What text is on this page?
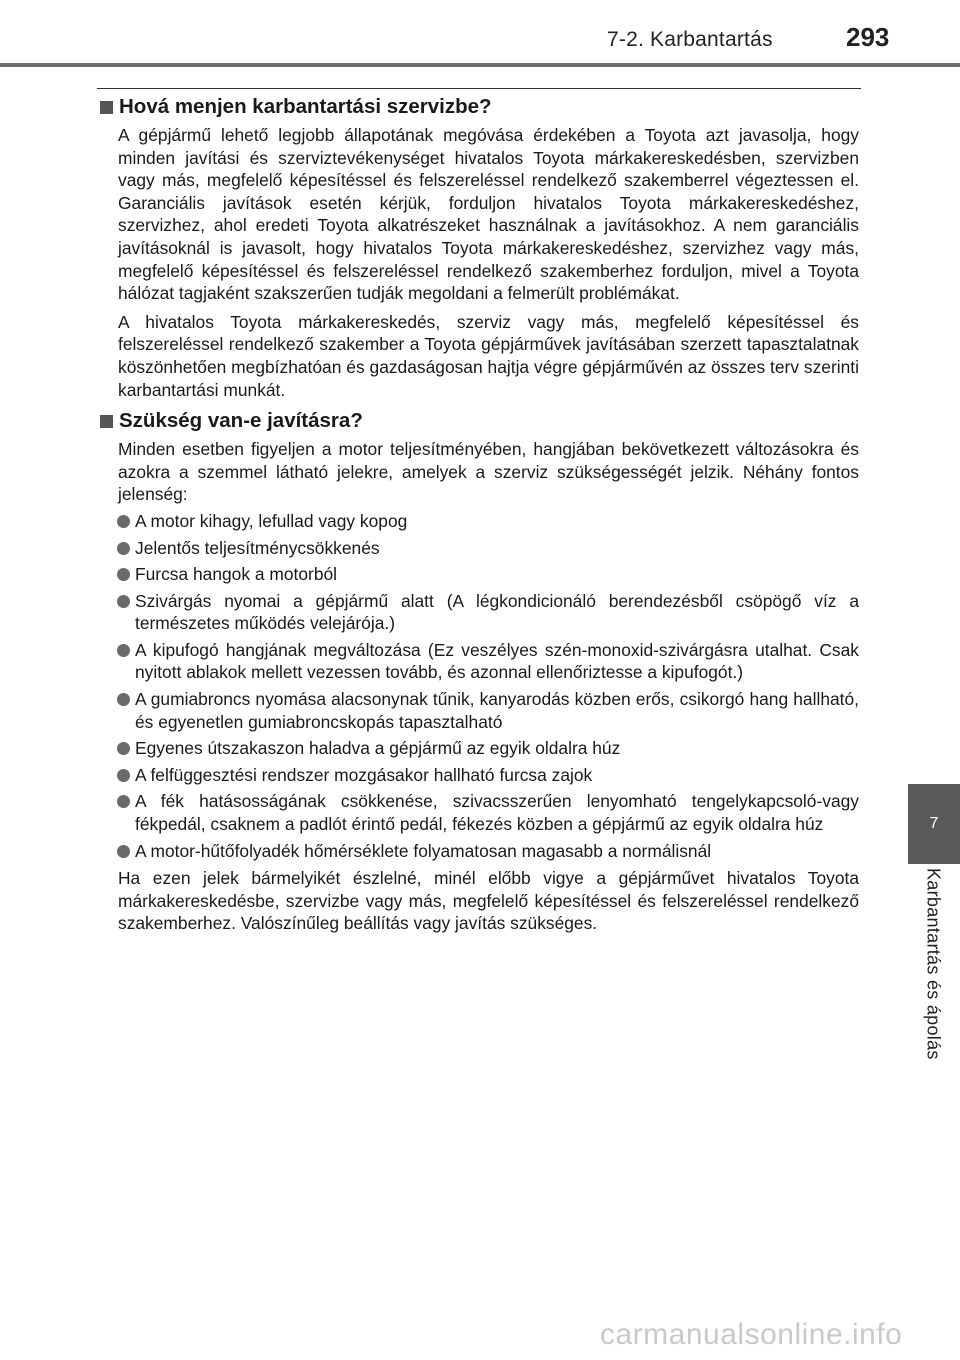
7-2. Karbantartás	293
Hová menjen karbantartási szervizbe?

A gépjármű lehető legjobb állapotának megóvása érdekében a Toyota azt javasolja, hogy minden javítási és szerviztevékenységet hivatalos Toyota márkakereskedésben, szervizben vagy más, megfelelő képesítéssel és felszereléssel rendelkező szakemberrel végeztessen el. Garanciális javítások esetén kérjük, forduljon hivatalos Toyota márkakereskedéshez, szervizhez, ahol eredeti Toyota alkatrészeket használnak a javításokhoz. A nem garanciális javításoknál is javasolt, hogy hivatalos Toyota márkakereskedéshez, szervizhez vagy más, megfelelő képesítéssel és felszereléssel rendelkező szakemberhez forduljon, mivel a Toyota hálózat tagjaként szakszerűen tudják megoldani a felmerült problémákat.

A hivatalos Toyota márkakereskedés, szerviz vagy más, megfelelő képesítéssel és felszereléssel rendelkező szakember a Toyota gépjárművek javításában szerzett tapasztalatnak köszönhetően megbízhatóan és gazdaságosan hajtja végre gépjárművén az összes terv szerinti karbantartási munkát.

Szükség van-e javításra?

Minden esetben figyeljen a motor teljesítményében, hangjában bekövetkezett változásokra és azokra a szemmel látható jelekre, amelyek a szerviz szükségességét jelzik. Néhány fontos jelenség:

A motor kihagy, lefullad vagy kopog
Jelentős teljesítménycsökkenés
Furcsa hangok a motorból
Szivárgás nyomai a gépjármű alatt (A légkondicionáló berendezésből csöpögő víz a természetes működés velejárója.)
A kipufogó hangjának megváltozása (Ez veszélyes szén-monoxid-szivárgásra utalhat. Csak nyitott ablakok mellett vezessen tovább, és azonnal ellenőriztesse a kipufogót.)
A gumiabroncs nyomása alacsonynak tűnik, kanyarodás közben erős, csikorgó hang hallható, és egyenetlen gumiabroncskopás tapasztalható
Egyenes útszakaszon haladva a gépjármű az egyik oldalra húz
A felfüggesztési rendszer mozgásakor hallható furcsa zajok
A fék hatásosságának csökkenése, szivacsszerűen lenyomható tengelykapcsoló-vagy fékpedál, csaknem a padlót érintő pedál, fékezés közben a gépjármű az egyik oldalra húz
A motor-hűtőfolyadék hőmérséklete folyamatosan magasabb a normálisnál

Ha ezen jelek bármelyikét észlelné, minél előbb vigye a gépjárművet hivatalos Toyota márkakereskedésbe, szervizbe vagy más, megfelelő képesítéssel és felszereléssel rendelkező szakemberhez. Valószínűleg beállítás vagy javítás szükséges.

7
Karbantartás és ápolás
carmanualsonline.info
